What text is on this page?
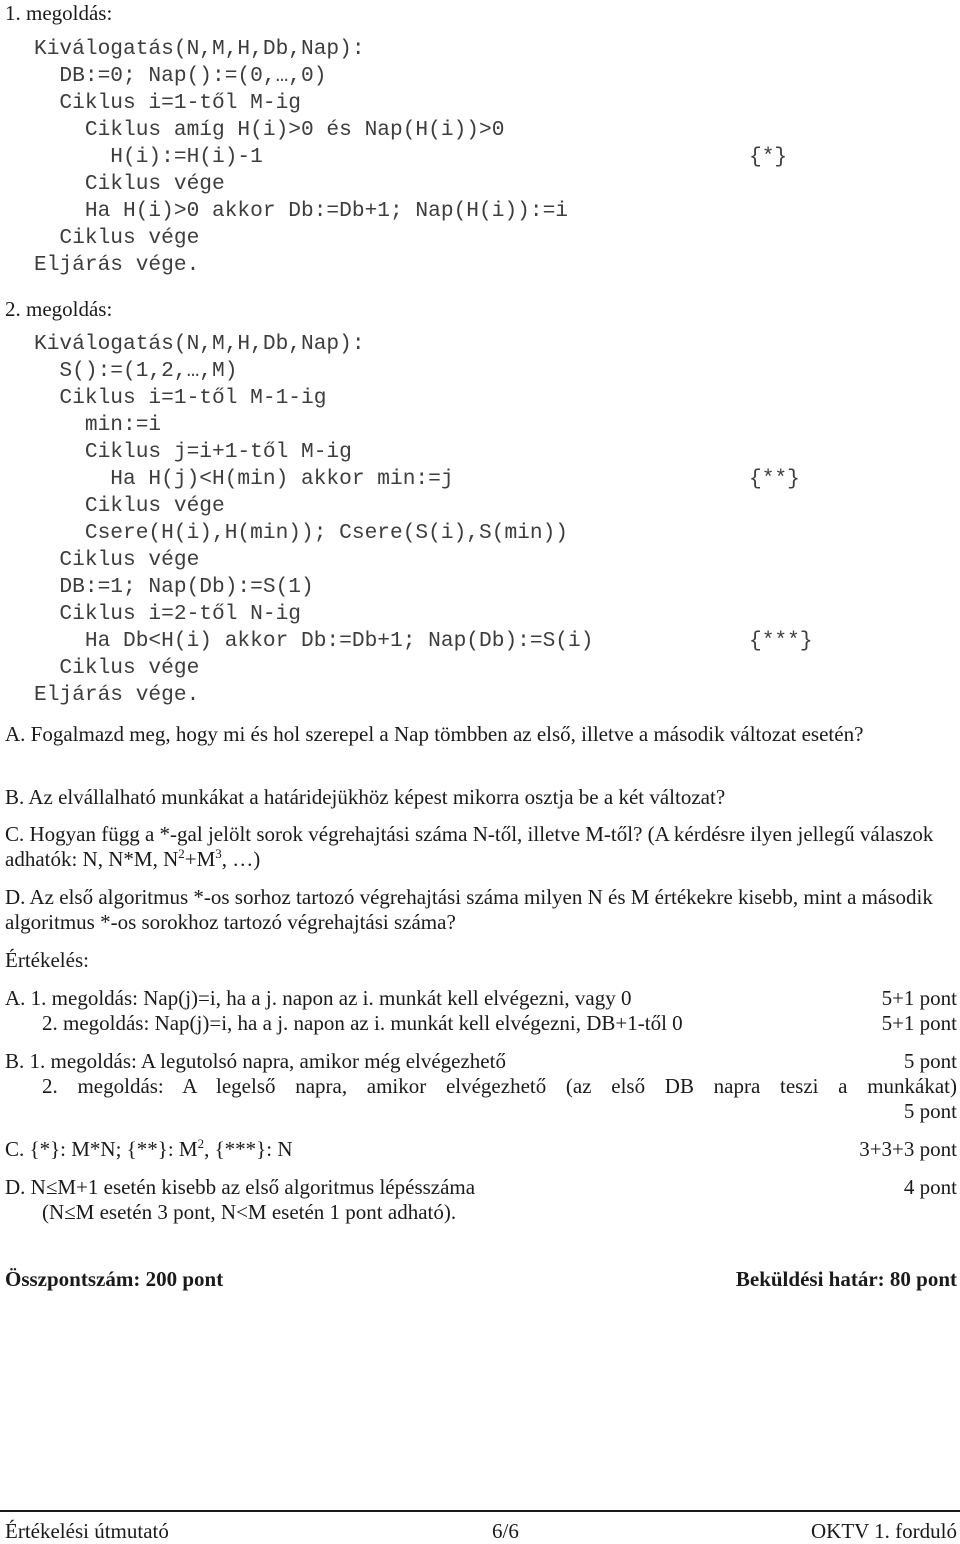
1. megoldás:
Kiválogatás(N,M,H,Db,Nap):
DB:=0; Nap():=(0,…,0)
Ciklus i=1-től M-ig
Ciklus amíg H(i)>0 és Nap(H(i))>0
H(i):=H(i)-1	{*}
Ciklus vége
Ha H(i)>0 akkor Db:=Db+1; Nap(H(i)):=i
Ciklus vége
Eljárás vége.
2. megoldás:
Kiválogatás(N,M,H,Db,Nap):
S():=(1,2,…,M)
Ciklus i=1-től M-1-ig
min:=i
Ciklus j=i+1-től M-ig
Ha H(j)<H(min) akkor min:=j	{**}
Ciklus vége
Csere(H(i),H(min)); Csere(S(i),S(min))
Ciklus vége
DB:=1; Nap(Db):=S(1)
Ciklus i=2-től N-ig
Ha Db<H(i) akkor Db:=Db+1; Nap(Db):=S(i)	{***}
Ciklus vége
Eljárás vége.
A. Fogalmazd meg, hogy mi és hol szerepel a Nap tömbben az első, illetve a második változat esetén?
B. Az elvállalható munkákat a határidejükhöz képest mikorra osztja be a két változat?
C. Hogyan függ a *-gal jelölt sorok végrehajtási száma N-től, illetve M-től? (A kérdésre ilyen jellegű válaszok adhatók: N, N*M, $N^2+M^3$, …)
D. Az első algoritmus *-os sorhoz tartozó végrehajtási száma milyen N és M értékekre kisebb, mint a második algoritmus *-os sorokhoz tartozó végrehajtási száma?
Értékelés:
A. 1. megoldás: Nap(j)=i, ha a j. napon az i. munkát kell elvégezni, vagy 0	5+1 pont
2. megoldás: Nap(j)=i, ha a j. napon az i. munkát kell elvégezni, DB+1-től 0	5+1 pont
B. 1. megoldás: A legutolsó napra, amikor még elvégezhető	5 pont
2. megoldás: A legelső napra, amikor elvégezhető (az első DB napra teszi a munkákat)
5 pont
C. {*}: M*N; {**}: $M^2$, {***}: N	3+3+3 pont
D. N≤M+1 esetén kisebb az első algoritmus lépésszáma	4 pont
(N≤M esetén 3 pont, N<M esetén 1 pont adható).
Összpontszám: 200 pont	Beküldési határ: 80 pont
Értékelési útmutató	6/6	OKTV 1. forduló
